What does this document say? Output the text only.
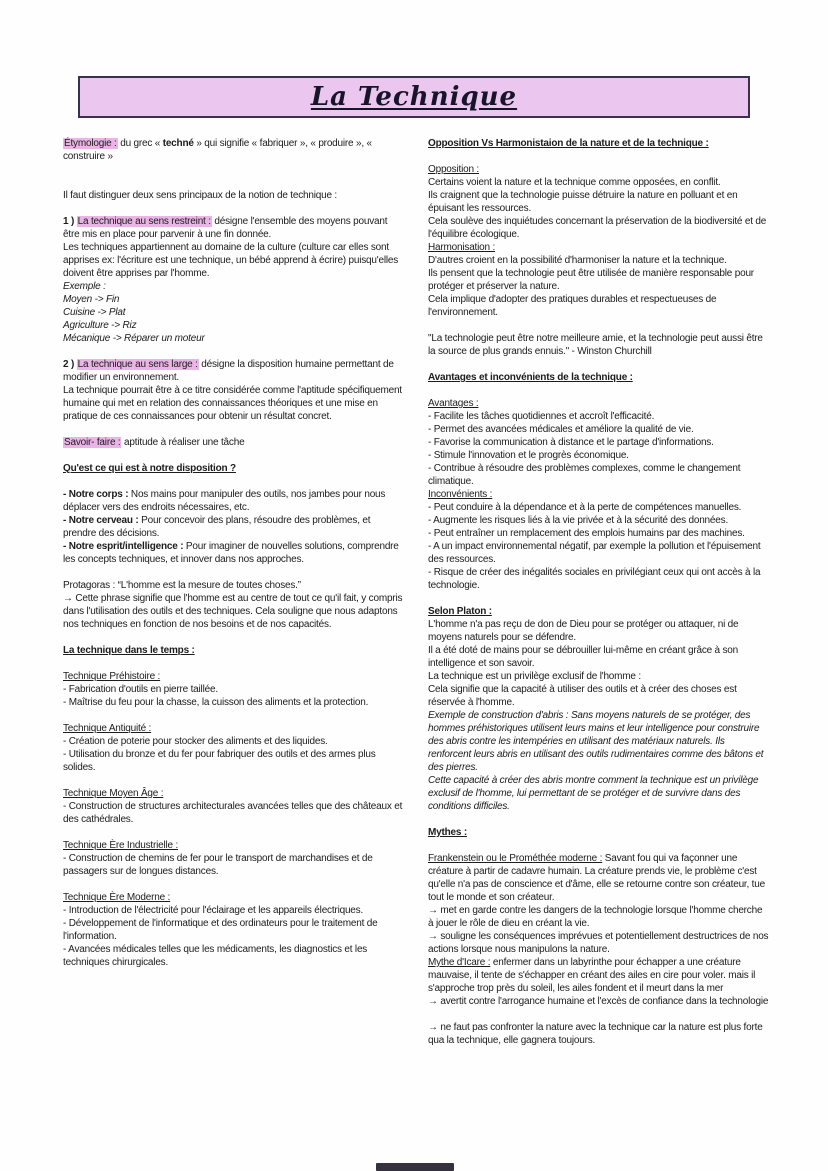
La Technique

Étymologie : du grec « techné » qui signifie « fabriquer », « produire », « construire »

Il faut distinguer deux sens principaux de la notion de technique :

1 ) La technique au sens restreint : désigne l'ensemble des moyens pouvant être mis en place pour parvenir à une fin donnée.

Les techniques appartiennent au domaine de la culture (culture car elles sont apprises ex: l'écriture est une technique, un bébé apprend à écrire) puisqu'elles doivent être apprises par l'homme.

Exemple :

Moyen -> Fin

Cuisine -> Plat

Agriculture -> Riz

Mécanique -> Réparer un moteur

2 ) La technique au sens large : désigne la disposition humaine permettant de modifier un environnement.

La technique pourrait être à ce titre considérée comme l'aptitude spécifiquement humaine qui met en relation des connaissances théoriques et une mise en pratique de ces connaissances pour obtenir un résultat concret.

Savoir- faire : aptitude à réaliser une tâche

Qu'est ce qui est à notre disposition ?

- Notre corps : Nos mains pour manipuler des outils, nos jambes pour nous déplacer vers des endroits nécessaires, etc.

- Notre cerveau : Pour concevoir des plans, résoudre des problèmes, et prendre des décisions.

- Notre esprit/intelligence : Pour imaginer de nouvelles solutions, comprendre les concepts techniques, et innover dans nos approches.

Protagoras : “L'homme est la mesure de toutes choses.”

→ Cette phrase signifie que l'homme est au centre de tout ce qu'il fait, y compris dans l'utilisation des outils et des techniques. Cela souligne que nous adaptons nos techniques en fonction de nos besoins et de nos capacités.

La technique dans le temps :

Technique Préhistoire :

- Fabrication d'outils en pierre taillée.

- Maîtrise du feu pour la chasse, la cuisson des aliments et la protection.

Technique Antiquité :

- Création de poterie pour stocker des aliments et des liquides.

- Utilisation du bronze et du fer pour fabriquer des outils et des armes plus solides.

Technique Moyen Âge :

- Construction de structures architecturales avancées telles que des châteaux et des cathédrales.

Technique Ère Industrielle :

- Construction de chemins de fer pour le transport de marchandises et de passagers sur de longues distances.

Technique Ère Moderne :

- Introduction de l'électricité pour l'éclairage et les appareils électriques.

- Développement de l'informatique et des ordinateurs pour le traitement de l'information.

- Avancées médicales telles que les médicaments, les diagnostics et les techniques chirurgicales.

Opposition Vs Harmonistaion de la nature et de la technique :

Opposition :

Certains voient la nature et la technique comme opposées, en conflit.

Ils craignent que la technologie puisse détruire la nature en polluant et en épuisant les ressources.

Cela soulève des inquiétudes concernant la préservation de la biodiversité et de l'équilibre écologique.

Harmonisation :

D'autres croient en la possibilité d'harmoniser la nature et la technique.

Ils pensent que la technologie peut être utilisée de manière responsable pour protéger et préserver la nature.

Cela implique d'adopter des pratiques durables et respectueuses de l'environnement.

"La technologie peut être notre meilleure amie, et la technologie peut aussi être la source de plus grands ennuis." - Winston Churchill

Avantages et inconvénients de la technique :

Avantages :

- Facilite les tâches quotidiennes et accroît l'efficacité.

- Permet des avancées médicales et améliore la qualité de vie.

- Favorise la communication à distance et le partage d'informations.

- Stimule l'innovation et le progrès économique.

- Contribue à résoudre des problèmes complexes, comme le changement climatique.

Inconvénients :

- Peut conduire à la dépendance et à la perte de compétences manuelles.

- Augmente les risques liés à la vie privée et à la sécurité des données.

- Peut entraîner un remplacement des emplois humains par des machines.

- A un impact environnemental négatif, par exemple la pollution et l'épuisement des ressources.

- Risque de créer des inégalités sociales en privilégiant ceux qui ont accès à la technologie.

Selon Platon :

L'homme n'a pas reçu de don de Dieu pour se protéger ou attaquer, ni de moyens naturels pour se défendre.

Il a été doté de mains pour se débrouiller lui-même en créant grâce à son intelligence et son savoir.

La technique est un privilège exclusif de l'homme :

Cela signifie que la capacité à utiliser des outils et à créer des choses est réservée à l'homme.

Exemple de construction d'abris : Sans moyens naturels de se protéger, des hommes préhistoriques utilisent leurs mains et leur intelligence pour construire des abris contre les intempéries en utilisant des matériaux naturels. Ils renforcent leurs abris en utilisant des outils rudimentaires comme des bâtons et des pierres.

Cette capacité à créer des abris montre comment la technique est un privilège exclusif de l'homme, lui permettant de se protéger et de survivre dans des conditions difficiles.

Mythes :

Frankenstein ou le Prométhée moderne : Savant fou qui va façonner une créature à partir de cadavre humain. La créature prends vie, le problème c'est qu'elle n'a pas de conscience et d'âme, elle se retourne contre son créateur, tue tout le monde et son créateur.

→ met en garde contre les dangers de la technologie lorsque l'homme cherche à jouer le rôle de dieu en créant la vie.

→ souligne les conséquences imprévues et potentiellement destructrices de nos actions lorsque nous manipulons la nature.

Mythe d'Icare : enfermer dans un labyrinthe pour échapper a une créature mauvaise, il tente de s'échapper en créant des ailes en cire pour voler. mais il s'approche trop près du soleil, les ailes fondent et il meurt dans la mer

→ avertit contre l'arrogance humaine et l'excès de confiance dans la technologie

→ ne faut pas confronter la nature avec la technique car la nature est plus forte qua la technique, elle gagnera toujours.
